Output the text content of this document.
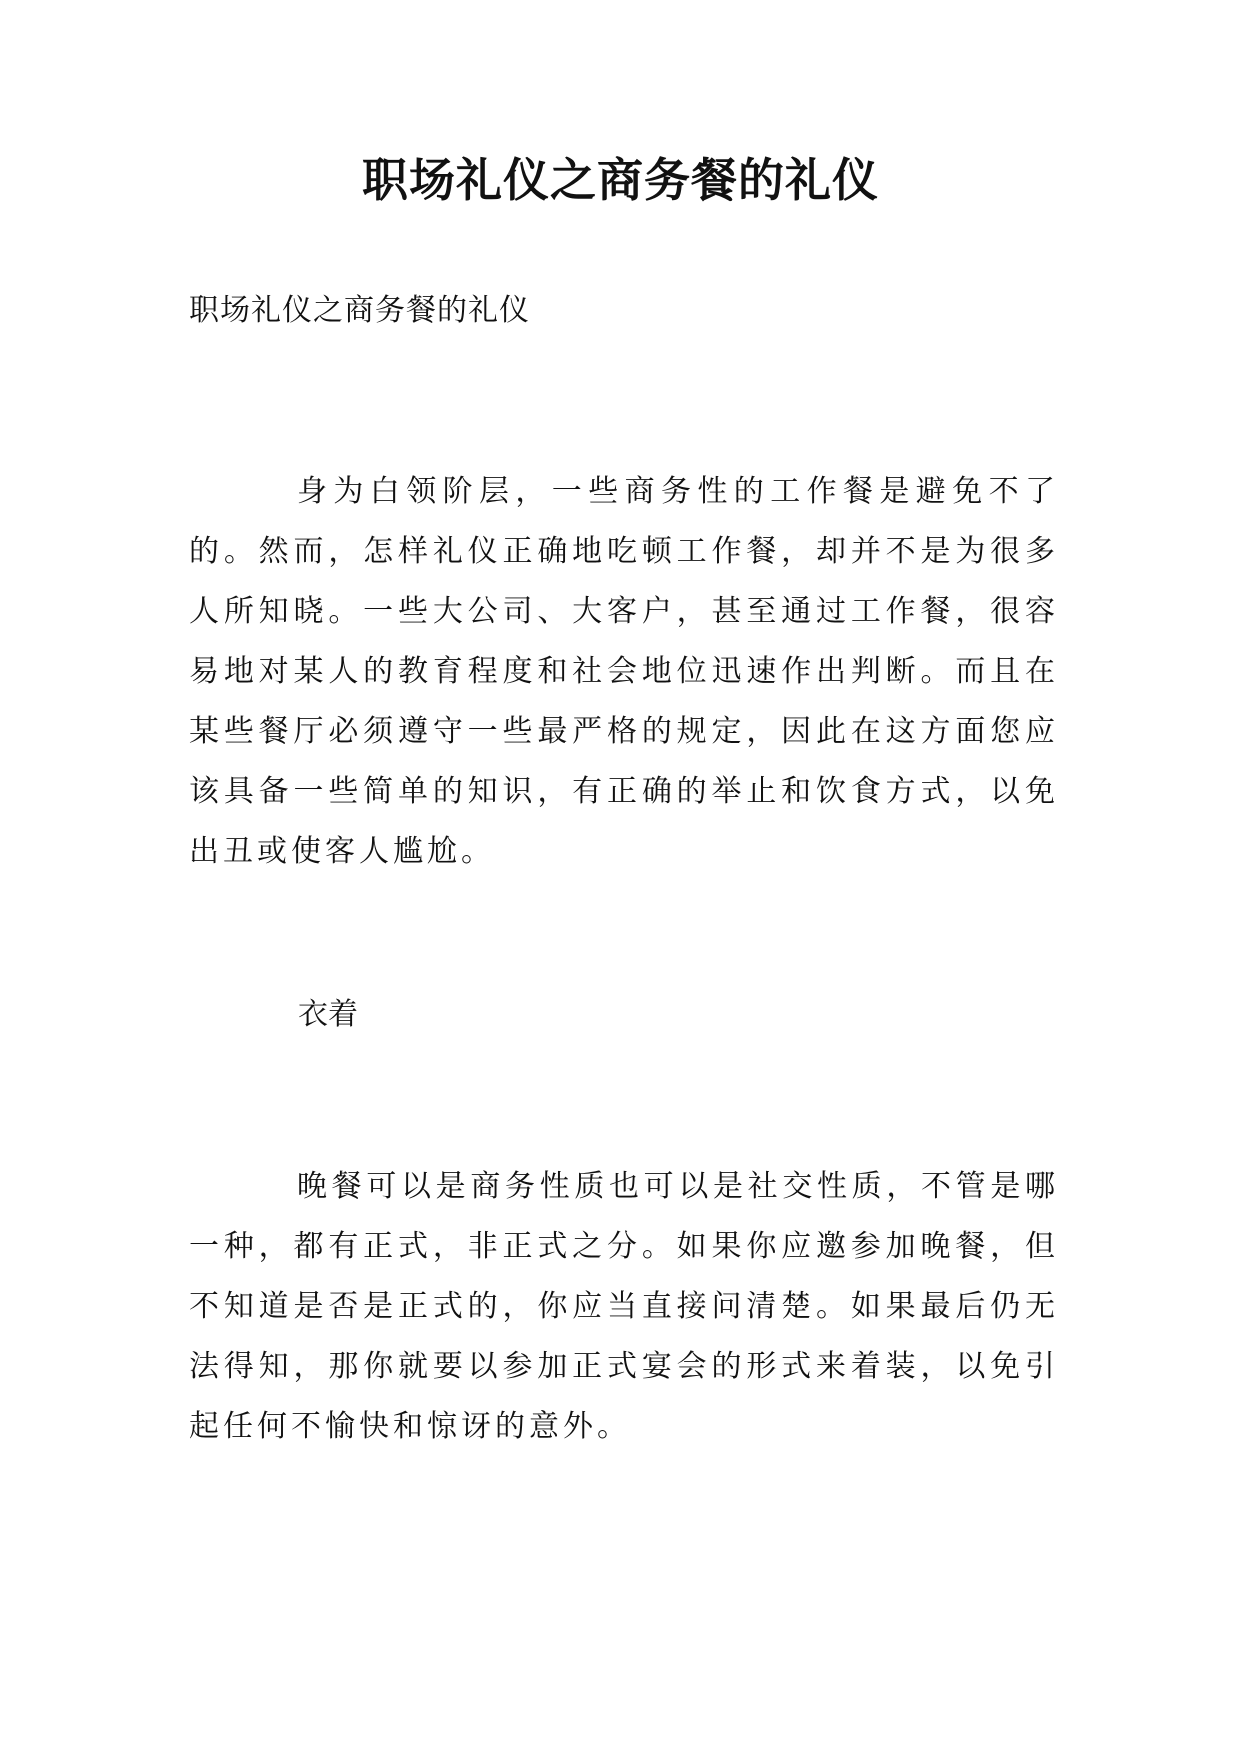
职场礼仪之商务餐的礼仪

职场礼仪之商务餐的礼仪

身为白领阶层，一些商务性的工作餐是避免不了的。然而，怎样礼仪正确地吃顿工作餐，却并不是为很多人所知晓。一些大公司、大客户，甚至通过工作餐，很容易地对某人的教育程度和社会地位迅速作出判断。而且在某些餐厅必须遵守一些最严格的规定，因此在这方面您应该具备一些简单的知识，有正确的举止和饮食方式，以免出丑或使客人尴尬。

衣着

晚餐可以是商务性质也可以是社交性质，不管是哪一种，都有正式，非正式之分。如果你应邀参加晚餐，但不知道是否是正式的，你应当直接问清楚。如果最后仍无法得知，那你就要以参加正式宴会的形式来着装，以免引起任何不愉快和惊讶的意外。
